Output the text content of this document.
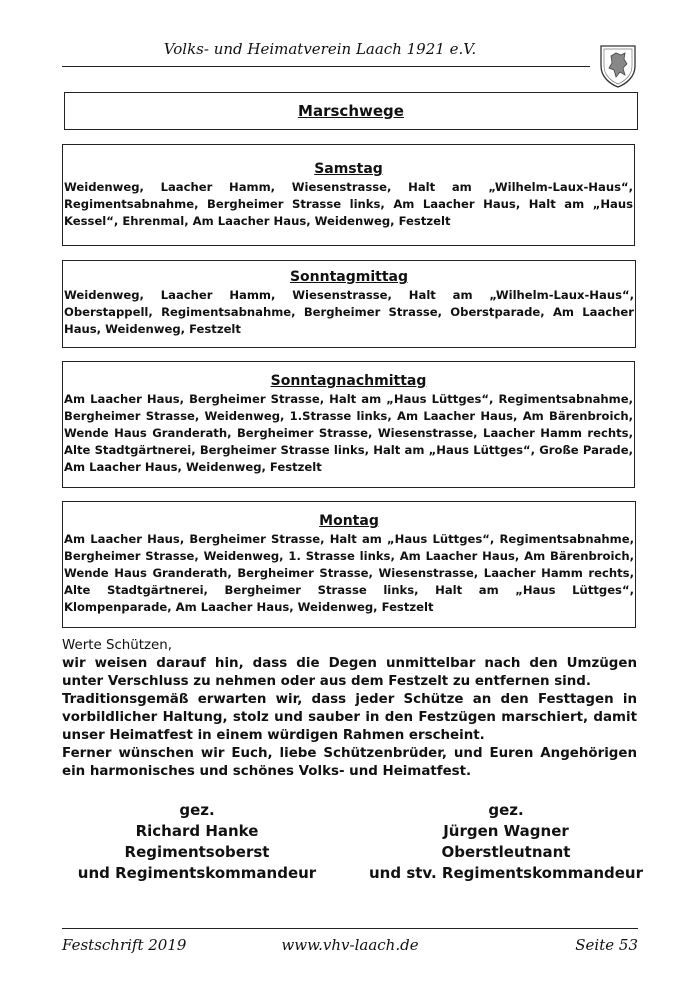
Volks- und Heimatverein Laach 1921 e.V.
Marschwege
Samstag
Weidenweg, Laacher Hamm, Wiesenstrasse, Halt am „Wilhelm-Laux-Haus“, Regimentsabnahme, Bergheimer Strasse links, Am Laacher Haus, Halt am „Haus Kessel“, Ehrenmal, Am Laacher Haus, Weidenweg, Festzelt
Sonntagmittag
Weidenweg, Laacher Hamm, Wiesenstrasse, Halt am „Wilhelm-Laux-Haus“, Oberstappell, Regimentsabnahme, Bergheimer Strasse, Oberstparade, Am Laacher Haus, Weidenweg, Festzelt
Sonntagnachmittag
Am Laacher Haus, Bergheimer Strasse, Halt am „Haus Lüttges“, Regimentsabnahme, Bergheimer Strasse, Weidenweg, 1.Strasse links, Am Laacher Haus, Am Bärenbroich, Wende Haus Granderath, Bergheimer Strasse, Wiesenstrasse, Laacher Hamm rechts, Alte Stadtgärtnerei, Bergheimer Strasse links, Halt am „Haus Lüttges“, Große Parade, Am Laacher Haus, Weidenweg, Festzelt
Montag
Am Laacher Haus, Bergheimer Strasse, Halt am „Haus Lüttges“, Regimentsabnahme, Bergheimer Strasse, Weidenweg, 1. Strasse links, Am Laacher Haus, Am Bärenbroich, Wende Haus Granderath, Bergheimer Strasse, Wiesenstrasse, Laacher Hamm rechts, Alte Stadtgärtnerei, Bergheimer Strasse links, Halt am „Haus Lüttges“, Klompenparade, Am Laacher Haus, Weidenweg, Festzelt

Werte Schützen,

wir weisen darauf hin, dass die Degen unmittelbar nach den Umzügen unter Verschluss zu nehmen oder aus dem Festzelt zu entfernen sind.

Traditionsgemäß erwarten wir, dass jeder Schütze an den Festtagen in vorbildlicher Haltung, stolz und sauber in den Festzügen marschiert, damit unser Heimatfest in einem würdigen Rahmen erscheint.

Ferner wünschen wir Euch, liebe Schützenbrüder, und Euren Angehörigen ein harmonisches und schönes Volks- und Heimatfest.

gez.
Richard Hanke
Regimentsoberst
und Regimentskommandeur
gez.
Jürgen Wagner
Oberstleutnant
und stv. Regimentskommandeur
Festschrift 2019	www.vhv-laach.de	Seite 53
